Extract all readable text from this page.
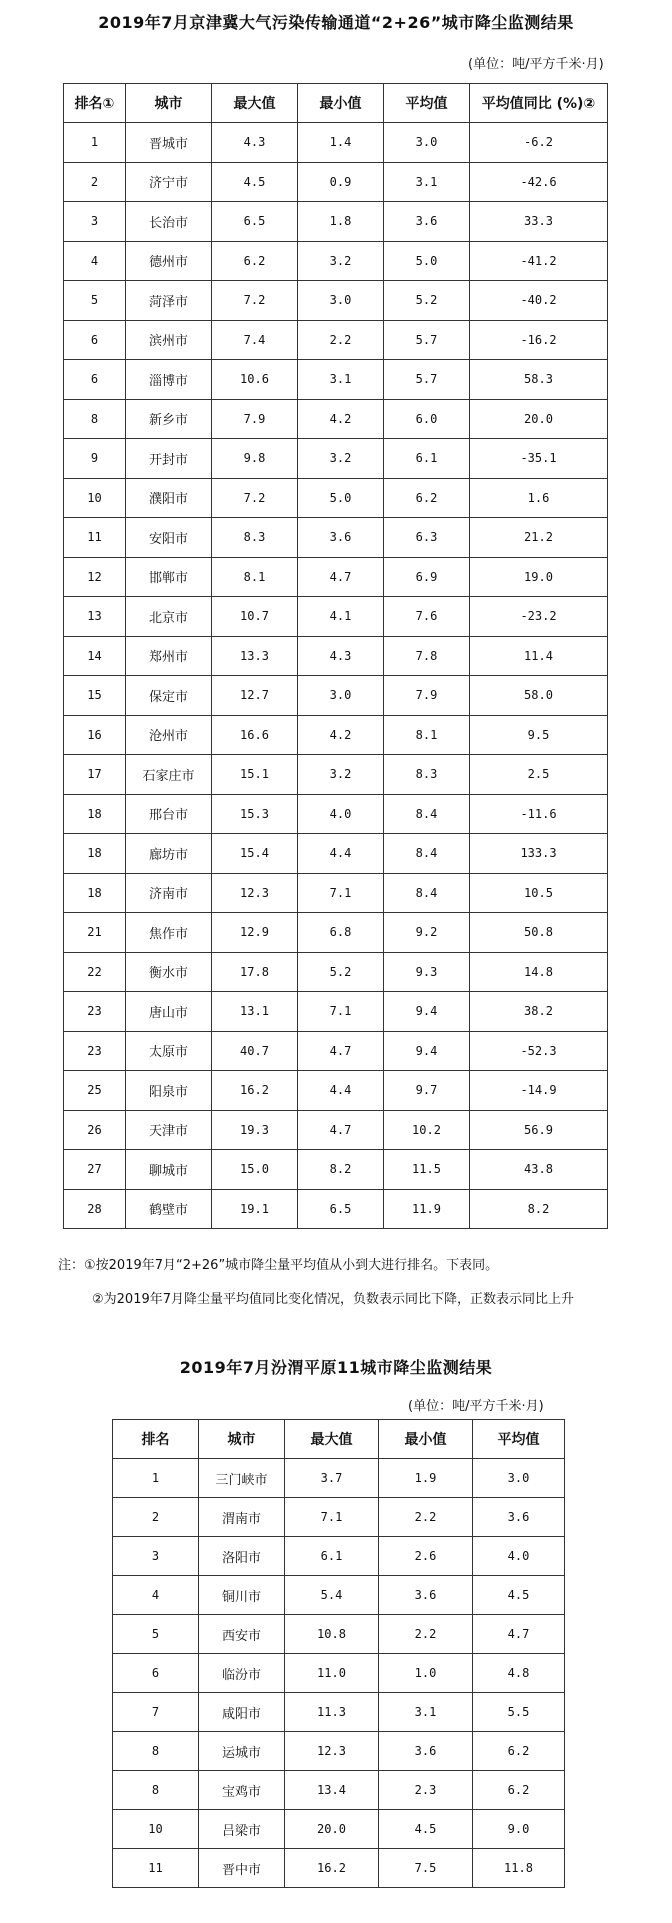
2019年7月京津冀大气污染传输通道“2+26”城市降尘监测结果
(单位：吨/平方千米·月)
排名①	城市	最大值	最小值	平均值	平均值同比 (%)②
1	晋城市	4.3	1.4	3.0	-6.2
2	济宁市	4.5	0.9	3.1	-42.6
3	长治市	6.5	1.8	3.6	33.3
4	德州市	6.2	3.2	5.0	-41.2
5	菏泽市	7.2	3.0	5.2	-40.2
6	滨州市	7.4	2.2	5.7	-16.2
6	淄博市	10.6	3.1	5.7	58.3
8	新乡市	7.9	4.2	6.0	20.0
9	开封市	9.8	3.2	6.1	-35.1
10	濮阳市	7.2	5.0	6.2	1.6
11	安阳市	8.3	3.6	6.3	21.2
12	邯郸市	8.1	4.7	6.9	19.0
13	北京市	10.7	4.1	7.6	-23.2
14	郑州市	13.3	4.3	7.8	11.4
15	保定市	12.7	3.0	7.9	58.0
16	沧州市	16.6	4.2	8.1	9.5
17	石家庄市	15.1	3.2	8.3	2.5
18	邢台市	15.3	4.0	8.4	-11.6
18	廊坊市	15.4	4.4	8.4	133.3
18	济南市	12.3	7.1	8.4	10.5
21	焦作市	12.9	6.8	9.2	50.8
22	衡水市	17.8	5.2	9.3	14.8
23	唐山市	13.1	7.1	9.4	38.2
23	太原市	40.7	4.7	9.4	-52.3
25	阳泉市	16.2	4.4	9.7	-14.9
26	天津市	19.3	4.7	10.2	56.9
27	聊城市	15.0	8.2	11.5	43.8
28	鹤壁市	19.1	6.5	11.9	8.2
注：①按2019年7月“2+26”城市降尘量平均值从小到大进行排名。下表同。
②为2019年7月降尘量平均值同比变化情况，负数表示同比下降，正数表示同比上升
2019年7月汾渭平原11城市降尘监测结果
(单位：吨/平方千米·月)
排名	城市	最大值	最小值	平均值
1	三门峡市	3.7	1.9	3.0
2	渭南市	7.1	2.2	3.6
3	洛阳市	6.1	2.6	4.0
4	铜川市	5.4	3.6	4.5
5	西安市	10.8	2.2	4.7
6	临汾市	11.0	1.0	4.8
7	咸阳市	11.3	3.1	5.5
8	运城市	12.3	3.6	6.2
8	宝鸡市	13.4	2.3	6.2
10	吕梁市	20.0	4.5	9.0
11	晋中市	16.2	7.5	11.8
